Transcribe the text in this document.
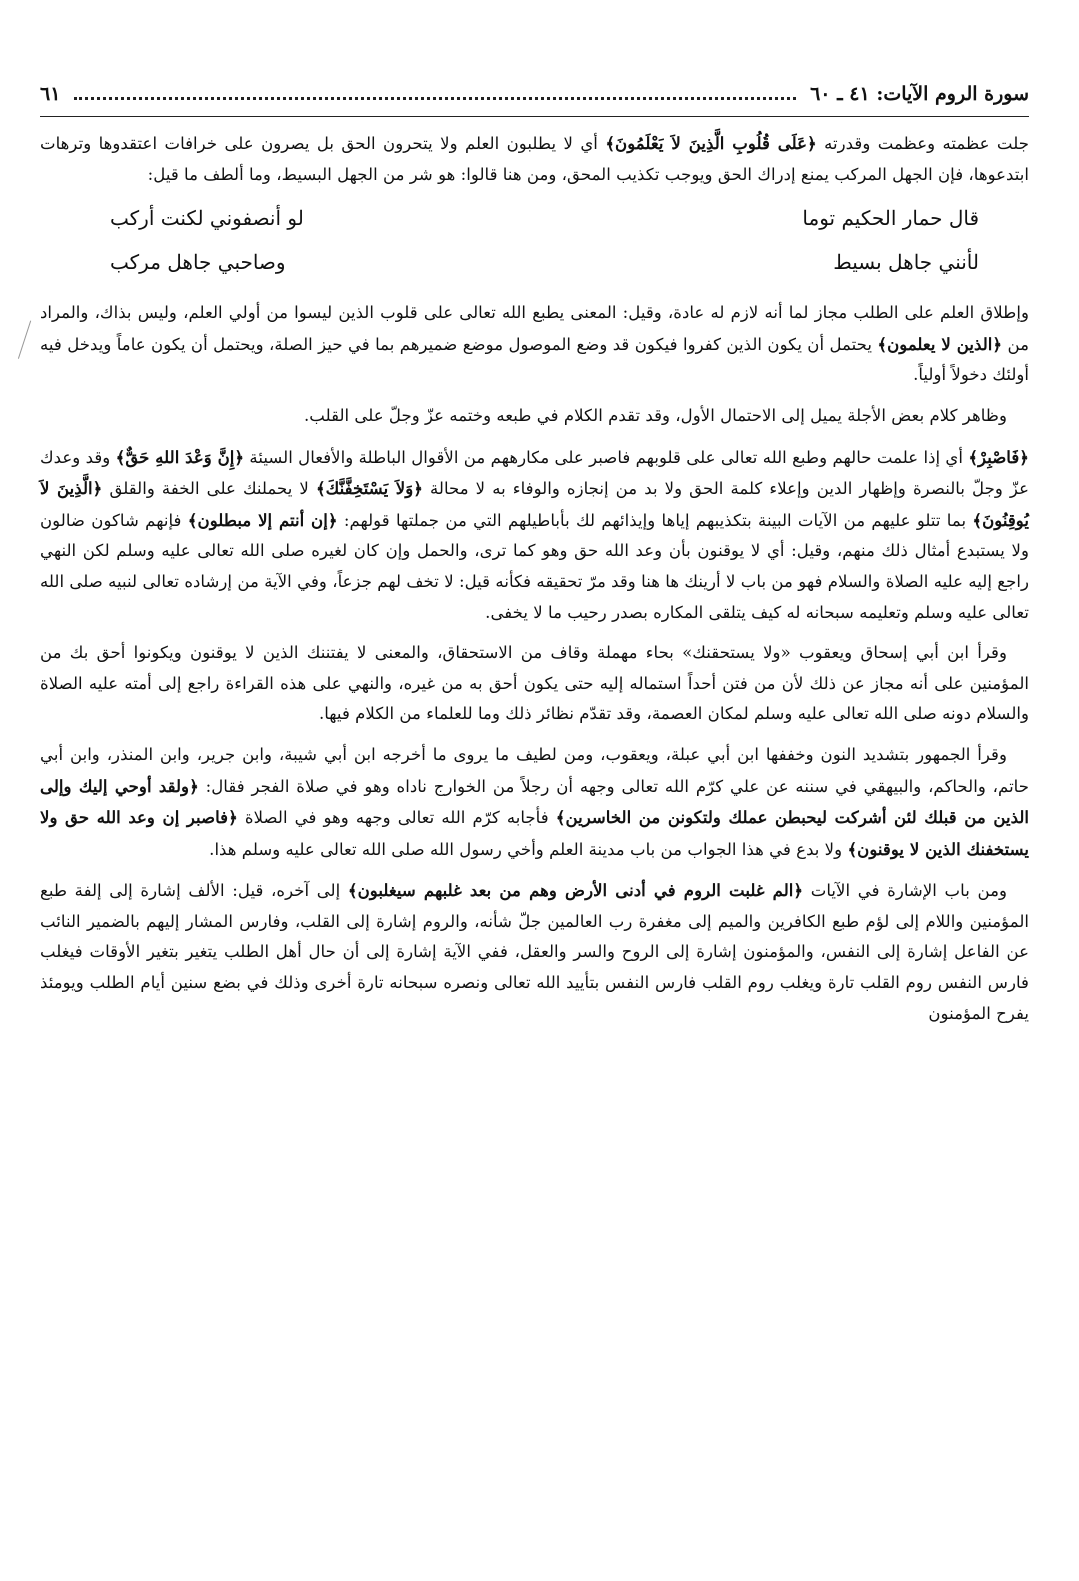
سورة الروم الآيات: ٤١ ـ ٦٠
٦١

جلت عظمته وعظمت وقدرته ﴿عَلَى قُلُوبِ الَّذِينَ لاَ يَعْلَمُونَ﴾ أي لا يطلبون العلم ولا يتحرون الحق بل يصرون على خرافات اعتقدوها وترهات ابتدعوها، فإن الجهل المركب يمنع إدراك الحق ويوجب تكذيب المحق، ومن هنا قالوا: هو شر من الجهل البسيط، وما ألطف ما قيل:

قال حمار الحكيم توما
لو أنصفوني لكنت أركب
لأنني جاهل بسيط
وصاحبي جاهل مركب

وإطلاق العلم على الطلب مجاز لما أنه لازم له عادة، وقيل: المعنى يطبع الله تعالى على قلوب الذين ليسوا من أولي العلم، وليس بذاك، والمراد من ﴿الذين لا يعلمون﴾ يحتمل أن يكون الذين كفروا فيكون قد وضع الموصول موضع ضميرهم بما في حيز الصلة، ويحتمل أن يكون عاماً ويدخل فيه أولئك دخولاً أولياً.

وظاهر كلام بعض الأجلة يميل إلى الاحتمال الأول، وقد تقدم الكلام في طبعه وختمه عزّ وجلّ على القلب.

﴿فَاصْبِرْ﴾ أي إذا علمت حالهم وطبع الله تعالى على قلوبهم فاصبر على مكارههم من الأقوال الباطلة والأفعال السيئة ﴿إِنَّ وَعْدَ اللهِ حَقٌّ﴾ وقد وعدك عزّ وجلّ بالنصرة وإظهار الدين وإعلاء كلمة الحق ولا بد من إنجازه والوفاء به لا محالة ﴿وَلاَ يَسْتَخِفَّنَّكَ﴾ لا يحملنك على الخفة والقلق ﴿الَّذِينَ لاَ يُوقِنُونَ﴾ بما تتلو عليهم من الآيات البينة بتكذيبهم إياها وإيذائهم لك بأباطيلهم التي من جملتها قولهم: ﴿إن أنتم إلا مبطلون﴾ فإنهم شاكون ضالون ولا يستبدع أمثال ذلك منهم، وقيل: أي لا يوقنون بأن وعد الله حق وهو كما ترى، والحمل وإن كان لغيره صلى الله تعالى عليه وسلم لكن النهي راجع إليه عليه الصلاة والسلام فهو من باب لا أرينك ها هنا وقد مرّ تحقيقه فكأنه قيل: لا تخف لهم جزعاً، وفي الآية من إرشاده تعالى لنبيه صلى الله تعالى عليه وسلم وتعليمه سبحانه له كيف يتلقى المكاره بصدر رحيب ما لا يخفى.

وقرأ ابن أبي إسحاق ويعقوب «ولا يستحقنك» بحاء مهملة وقاف من الاستحقاق، والمعنى لا يفتننك الذين لا يوقنون ويكونوا أحق بك من المؤمنين على أنه مجاز عن ذلك لأن من فتن أحداً استماله إليه حتى يكون أحق به من غيره، والنهي على هذه القراءة راجع إلى أمته عليه الصلاة والسلام دونه صلى الله تعالى عليه وسلم لمكان العصمة، وقد تقدّم نظائر ذلك وما للعلماء من الكلام فيها.

وقرأ الجمهور بتشديد النون وخففها ابن أبي عبلة، ويعقوب، ومن لطيف ما يروى ما أخرجه ابن أبي شيبة، وابن جرير، وابن المنذر، وابن أبي حاتم، والحاكم، والبيهقي في سننه عن علي كرّم الله تعالى وجهه أن رجلاً من الخوارج ناداه وهو في صلاة الفجر فقال: ﴿ولقد أوحي إليك وإلى الذين من قبلك لئن أشركت ليحبطن عملك ولتكونن من الخاسرين﴾ فأجابه كرّم الله تعالى وجهه وهو في الصلاة ﴿فاصبر إن وعد الله حق ولا يستخفنك الذين لا يوقنون﴾ ولا بدع في هذا الجواب من باب مدينة العلم وأخي رسول الله صلى الله تعالى عليه وسلم هذا.

ومن باب الإشارة في الآيات ﴿الم غلبت الروم في أدنى الأرض وهم من بعد غلبهم سيغلبون﴾ إلى آخره، قيل: الألف إشارة إلى إلفة طبع المؤمنين واللام إلى لؤم طبع الكافرين والميم إلى مغفرة رب العالمين جلّ شأنه، والروم إشارة إلى القلب، وفارس المشار إليهم بالضمير النائب عن الفاعل إشارة إلى النفس، والمؤمنون إشارة إلى الروح والسر والعقل، ففي الآية إشارة إلى أن حال أهل الطلب يتغير بتغير الأوقات فيغلب فارس النفس روم القلب تارة ويغلب روم القلب فارس النفس بتأييد الله تعالى ونصره سبحانه تارة أخرى وذلك في بضع سنين أيام الطلب ويومئذ يفرح المؤمنون
